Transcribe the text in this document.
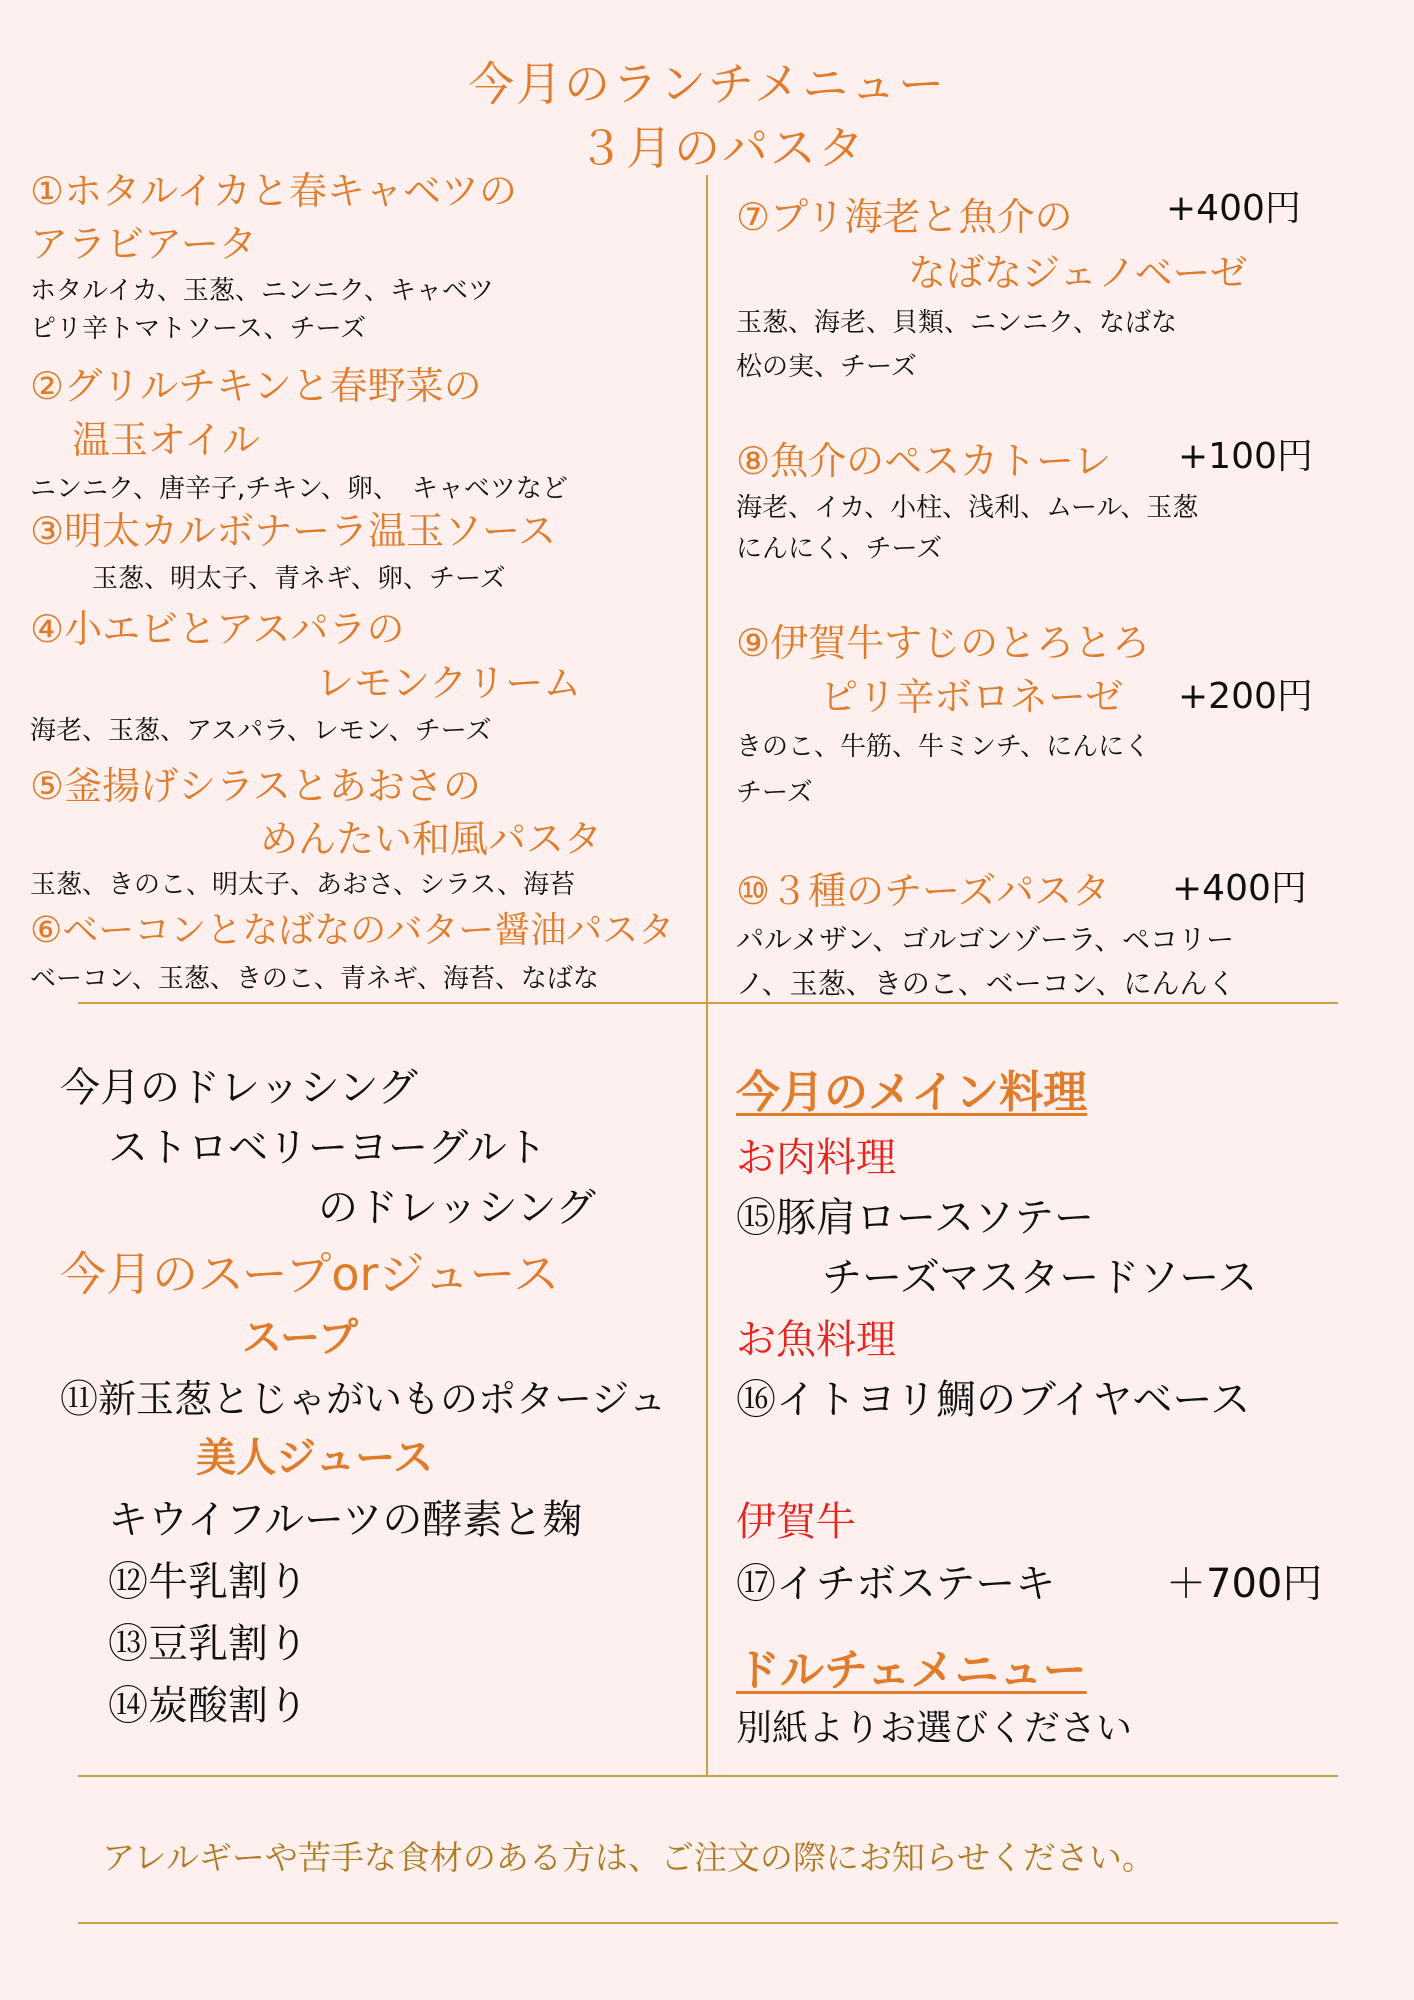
今月のランチメニュー
３月のパスタ
①ホタルイカと春キャベツの
アラビアータ
ホタルイカ、玉葱、ニンニク、キャベツ
ピリ辛トマトソース、チーズ
②グリルチキンと春野菜の
温玉オイル
ニンニク、唐辛子,チキン、卵、　キャベツなど
③明太カルボナーラ温玉ソース
玉葱、明太子、青ネギ、卵、チーズ
④小エビとアスパラの
レモンクリーム
海老、玉葱、アスパラ、レモン、チーズ
⑤釜揚げシラスとあおさの
めんたい和風パスタ
玉葱、きのこ、明太子、あおさ、シラス、海苔
⑥ベーコンとなばなのバター醤油パスタ
ベーコン、玉葱、きのこ、青ネギ、海苔、なばな
⑦プリ海老と魚介の	+400円
なばなジェノベーゼ
玉葱、海老、貝類、ニンニク、なばな
松の実、チーズ
⑧魚介のペスカトーレ +100円
海老、イカ、小柱、浅利、ムール、玉葱
にんにく、チーズ
⑨伊賀牛すじのとろとろ
ピリ辛ボロネーゼ +200円
きのこ、牛筋、牛ミンチ、にんにく
チーズ
⑩３種のチーズパスタ +400円
パルメザン、ゴルゴンゾーラ、ペコリー
ノ、玉葱、きのこ、ベーコン、にんんく
今月のドレッシング
ストロベリーヨーグルト
のドレッシング
今月のスープorジュース
スープ
⑪新玉葱とじゃがいものポタージュ
美人ジュース
キウイフルーツの酵素と麹
⑫牛乳割り
⑬豆乳割り
⑭炭酸割り
今月のメイン料理
お肉料理
⑮豚肩ロースソテー
チーズマスタードソース
お魚料理
⑯イトヨリ鯛のブイヤベース
伊賀牛
⑰イチボステーキ	＋700円
ドルチェメニュー
別紙よりお選びください
アレルギーや苦手な食材のある方は、ご注文の際にお知らせください。
